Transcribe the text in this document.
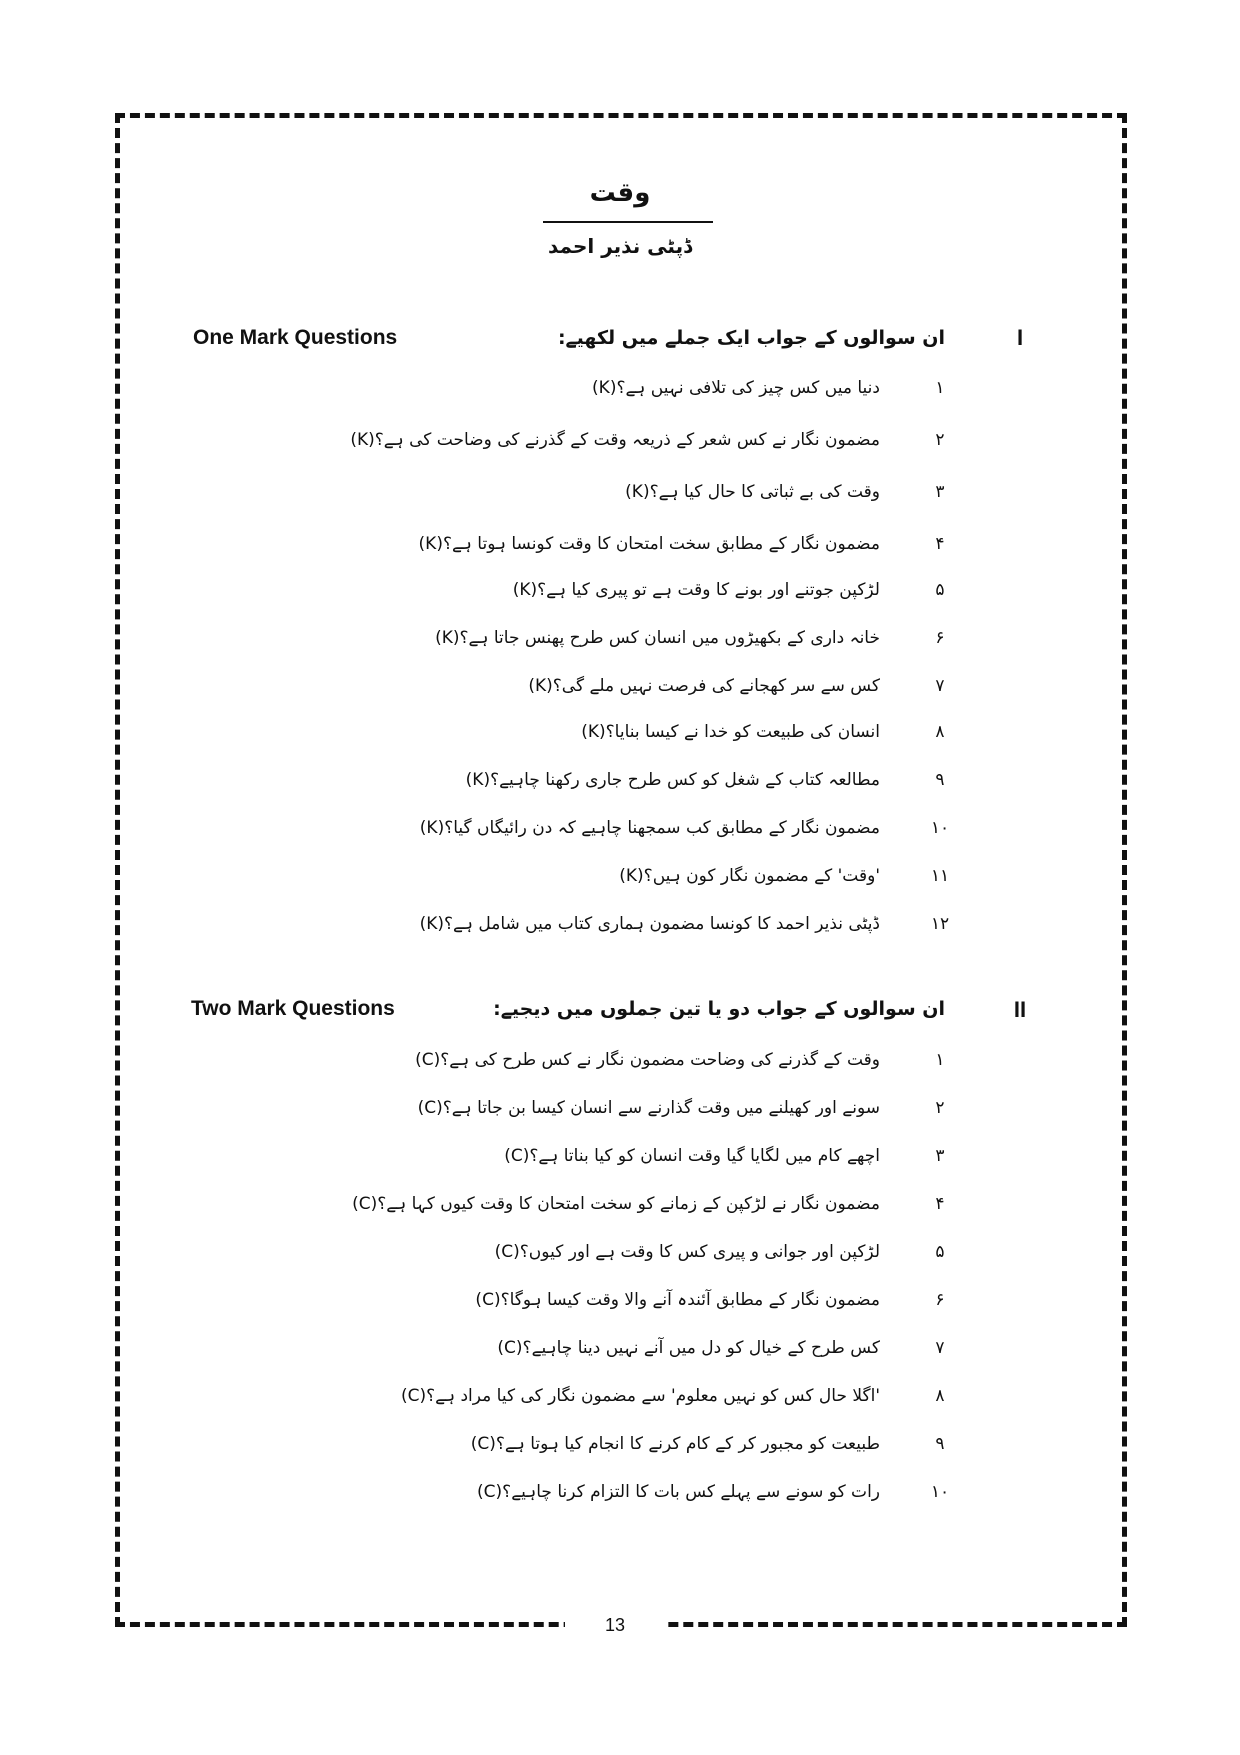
وقت
ڈپٹی نذیر احمد
I
ان سوالوں کے جواب ایک جملے میں لکھیے:
One Mark Questions
۱
دنیا میں کس چیز کی تلافی نہیں ہے؟(K)
۲
مضمون نگار نے کس شعر کے ذریعہ وقت کے گذرنے کی وضاحت کی ہے؟(K)
۳
وقت کی بے ثباتی کا حال کیا ہے؟(K)
۴
مضمون نگار کے مطابق سخت امتحان کا وقت کونسا ہوتا ہے؟(K)
۵
لڑکپن جوتنے اور بونے کا وقت ہے تو پیری کیا ہے؟(K)
۶
خانہ داری کے بکھیڑوں میں انسان کس طرح پھنس جاتا ہے؟(K)
۷
کس سے سر کھجانے کی فرصت نہیں ملے گی؟(K)
۸
انسان کی طبیعت کو خدا نے کیسا بنایا؟(K)
۹
مطالعہ کتاب کے شغل کو کس طرح جاری رکھنا چاہیے؟(K)
۱۰
مضمون نگار کے مطابق کب سمجھنا چاہیے کہ دن رائیگاں گیا؟(K)
۱۱
'وقت' کے مضمون نگار کون ہیں؟(K)
۱۲
ڈپٹی نذیر احمد کا کونسا مضمون ہماری کتاب میں شامل ہے؟(K)
II
ان سوالوں کے جواب دو یا تین جملوں میں دیجیے:
Two Mark Questions
۱
وقت کے گذرنے کی وضاحت مضمون نگار نے کس طرح کی ہے؟(C)
۲
سونے اور کھیلنے میں وقت گذارنے سے انسان کیسا بن جاتا ہے؟(C)
۳
اچھے کام میں لگایا گیا وقت انسان کو کیا بناتا ہے؟(C)
۴
مضمون نگار نے لڑکپن کے زمانے کو سخت امتحان کا وقت کیوں کہا ہے؟(C)
۵
لڑکپن اور جوانی و پیری کس کا وقت ہے اور کیوں؟(C)
۶
مضمون نگار کے مطابق آئندہ آنے والا وقت کیسا ہوگا؟(C)
۷
کس طرح کے خیال کو دل میں آنے نہیں دینا چاہیے؟(C)
۸
'اگلا حال کس کو نہیں معلوم' سے مضمون نگار کی کیا مراد ہے؟(C)
۹
طبیعت کو مجبور کر کے کام کرنے کا انجام کیا ہوتا ہے؟(C)
۱۰
رات کو سونے سے پہلے کس بات کا التزام کرنا چاہیے؟(C)
13
